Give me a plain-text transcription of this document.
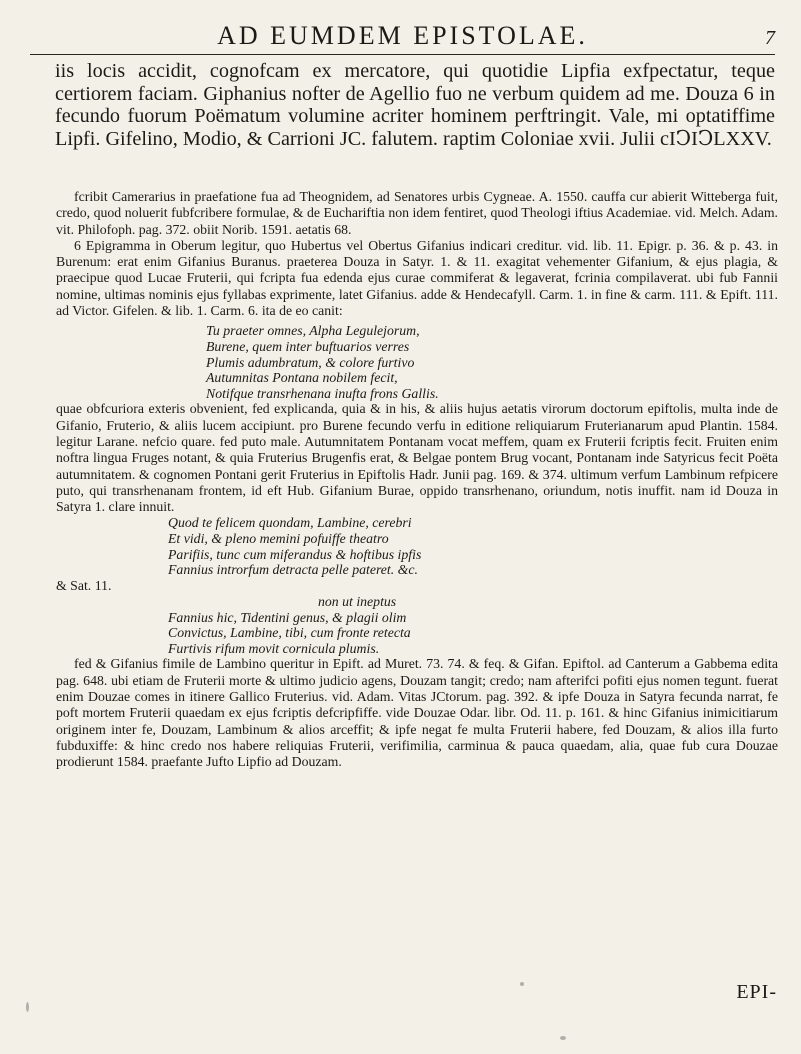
AD EUMDEM EPISTOLAE.	7

iis locis accidit, cognofcam ex mercatore, qui quotidie Lipfia exfpectatur, teque certiorem faciam. Giphanius nofter de Agellio fuo ne verbum quidem ad me. Douza 6 in fecundo fuorum Poëmatum volumine acriter hominem perftringit. Vale, mi optatiffime Lipfi. Gifelino, Modio, & Carrioni JC. falutem. raptim Coloniae xvii. Julii cIↃIↃLXXV.

fcribit Camerarius in praefatione fua ad Theognidem, ad Senatores urbis Cygneae. A. 1550. cauffa cur abierit Witteberga fuit, credo, quod noluerit fubfcribere formulae, & de Euchariftia non idem fentiret, quod Theologi iftius Academiae. vid. Melch. Adam. vit. Philofoph. pag. 372. obiit Norib. 1591. aetatis 68.

6 Epigramma in Oberum legitur, quo Hubertus vel Obertus Gifanius indicari creditur. vid. lib. 11. Epigr. p. 36. & p. 43. in Burenum: erat enim Gifanius Buranus. praeterea Douza in Satyr. 1. & 11. exagitat vehementer Gifanium, & ejus plagia, & praecipue quod Lucae Fruterii, qui fcripta fua edenda ejus curae commiferat & legaverat, fcrinia compilaverat. ubi fub Fannii nomine, ultimas nominis ejus fyllabas exprimente, latet Gifanius. adde & Hendecafyll. Carm. 1. in fine & carm. 111. & Epift. 111. ad Victor. Gifelen. & lib. 1. Carm. 6. ita de eo canit:

Tu praeter omnes, Alpha Legulejorum,
Burene, quem inter buftuarios verres
Plumis adumbratum, & colore furtivo
Autumnitas Pontana nobilem fecit,
Notifque transrhenana inufta frons Gallis.

quae obfcuriora exteris obvenient, fed explicanda, quia & in his, & aliis hujus aetatis virorum doctorum epiftolis, multa inde de Gifanio, Fruterio, & aliis lucem accipiunt. pro Burene fecundo verfu in editione reliquiarum Fruterianarum apud Plantin. 1584. legitur Larane. nefcio quare. fed puto male. Autumnitatem Pontanam vocat meffem, quam ex Fruterii fcriptis fecit. Fruiten enim noftra lingua Fruges notant, & quia Fruterius Brugenfis erat, & Belgae pontem Brug vocant, Pontanam inde Satyricus fecit Poëta autumnitatem. & cognomen Pontani gerit Fruterius in Epiftolis Hadr. Junii pag. 169. & 374. ultimum verfum Lambinum refpicere puto, qui transrhenanam frontem, id eft Hub. Gifanium Burae, oppido transrhenano, oriundum, notis inuffit. nam id Douza in Satyra 1. clare innuit.

Quod te felicem quondam, Lambine, cerebri
Et vidi, & pleno memini pofuiffe theatro
Parifiis, tunc cum miferandus & hoftibus ipfis
Fannius introrfum detracta pelle pateret. &c.

& Sat. 11.

non ut ineptus
Fannius hic, Tidentini genus, & plagii olim
Convictus, Lambine, tibi, cum fronte retecta
Furtivis rifum movit cornicula plumis.

fed & Gifanius fimile de Lambino queritur in Epift. ad Muret. 73. 74. & feq. & Gifan. Epiftol. ad Canterum a Gabbema edita pag. 648. ubi etiam de Fruterii morte & ultimo judicio agens, Douzam tangit; credo; nam afterifci pofiti ejus nomen tegunt. fuerat enim Douzae comes in itinere Gallico Fruterius. vid. Adam. Vitas JCtorum. pag. 392. & ipfe Douza in Satyra fecunda narrat, fe poft mortem Fruterii quaedam ex ejus fcriptis defcripfiffe. vide Douzae Odar. libr. Od. 11. p. 161. & hinc Gifanius inimicitiarum originem inter fe, Douzam, Lambinum & alios arceffit; & ipfe negat fe multa Fruterii habere, fed Douzam, & alios illa furto fubduxiffe: & hinc credo nos habere reliquias Fruterii, verifimilia, carminua & pauca quaedam, alia, quae fub cura Douzae prodierunt 1584. praefante Jufto Lipfio ad Douzam.

EPI-
